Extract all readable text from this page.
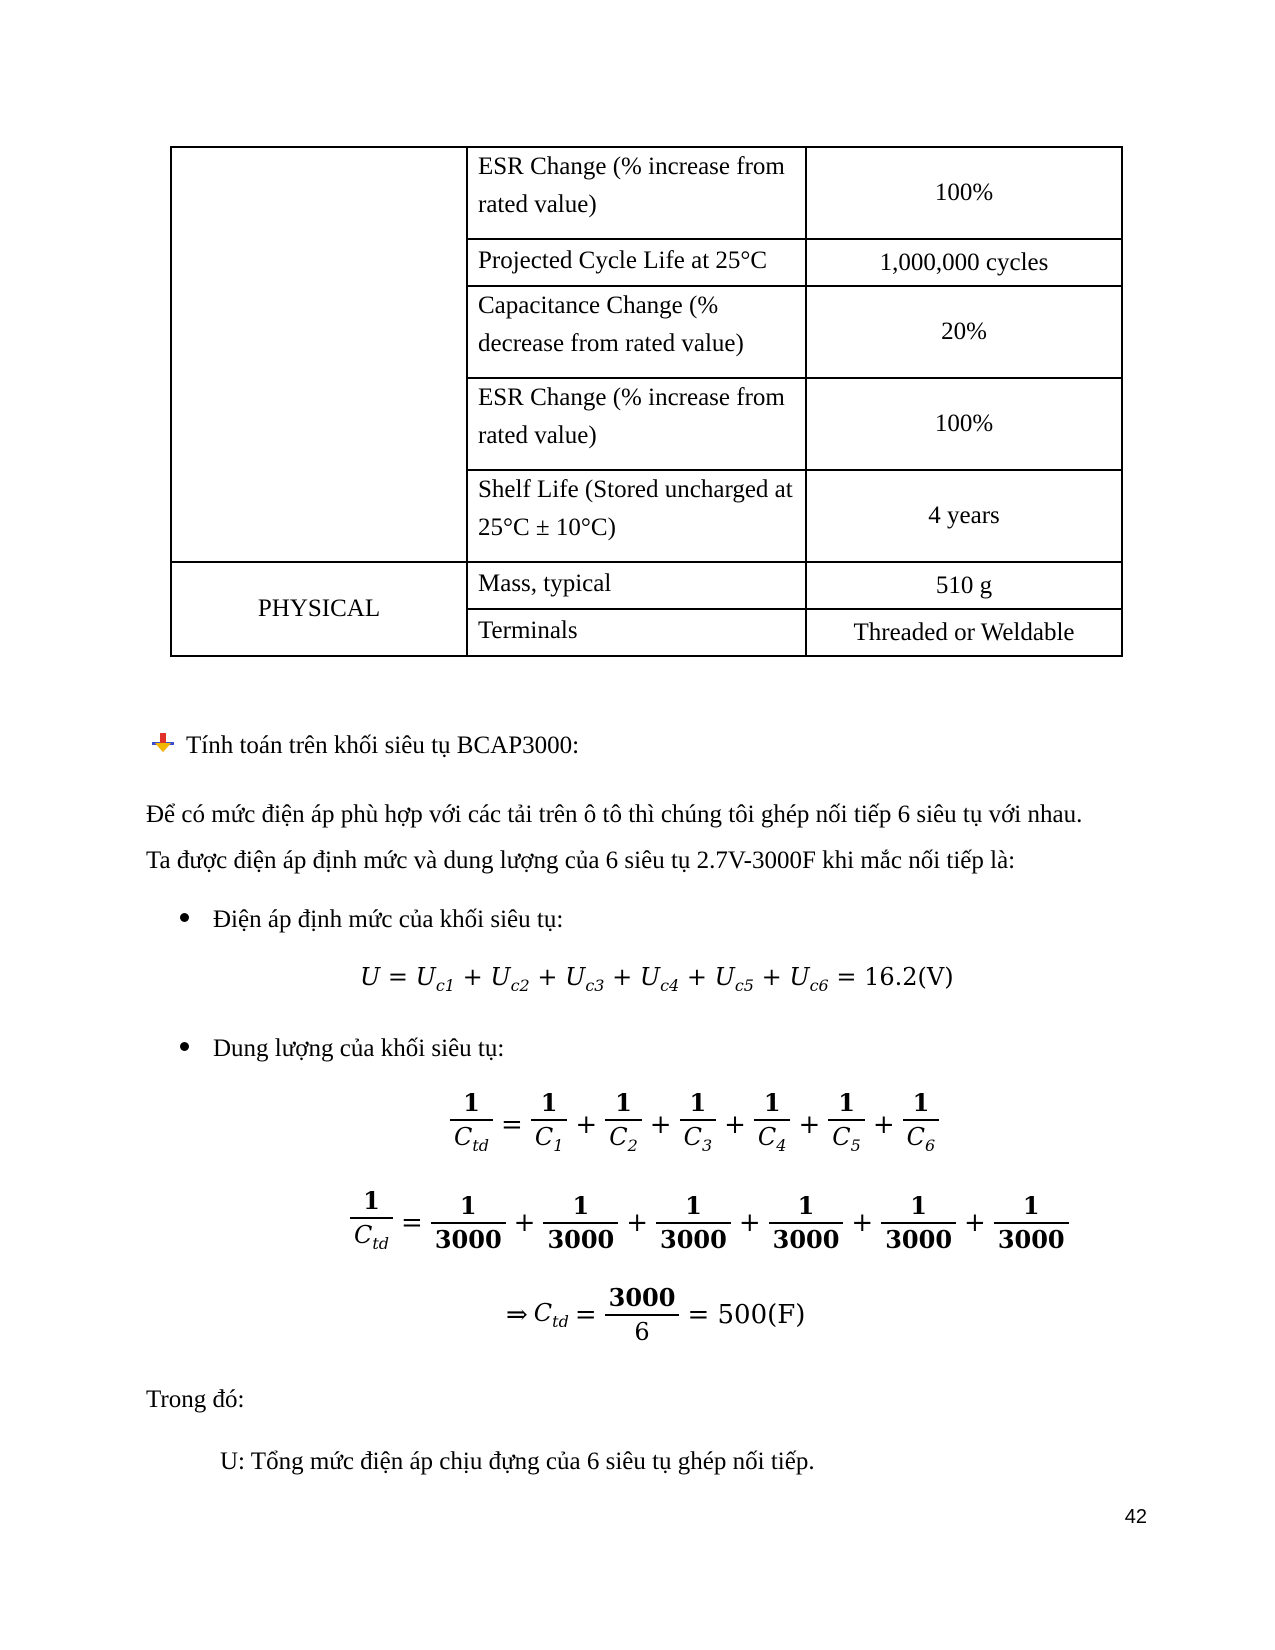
	ESR Change (% increase from rated value)	100%
	Projected Cycle Life at 25°C	1,000,000 cycles
	Capacitance Change (% decrease from rated value)	20%
	ESR Change (% increase from rated value)	100%
	Shelf Life (Stored uncharged at 25°C ± 10°C)	4 years
PHYSICAL	Mass, typical	510 g
	Terminals	Threaded or Weldable
Tính toán trên khối siêu tụ BCAP3000:
Để có mức điện áp phù hợp với các tải trên ô tô thì chúng tôi ghép nối tiếp 6 siêu tụ với nhau.
Ta được điện áp định mức và dung lượng của 6 siêu tụ 2.7V-3000F khi mắc nối tiếp là:
Điện áp định mức của khối siêu tụ:
$U = U_{c1} + U_{c2} + U_{c3} + U_{c4} + U_{c5} + U_{c6} = 16.2(V)$
Dung lượng của khối siêu tụ:
$\frac{1}{C_{td}} = \frac{1}{C_1} + \frac{1}{C_2} + \frac{1}{C_3} + \frac{1}{C_4} + \frac{1}{C_5} + \frac{1}{C_6}$
$\frac{1}{C_{td}} = \frac{1}{3000} + \frac{1}{3000} + \frac{1}{3000} + \frac{1}{3000} + \frac{1}{3000} + \frac{1}{3000}$
⇒ $C_{td} = \frac{3000}{6} = 500(F)$
Trong đó:
U: Tổng mức điện áp chịu đựng của 6 siêu tụ ghép nối tiếp.
42
